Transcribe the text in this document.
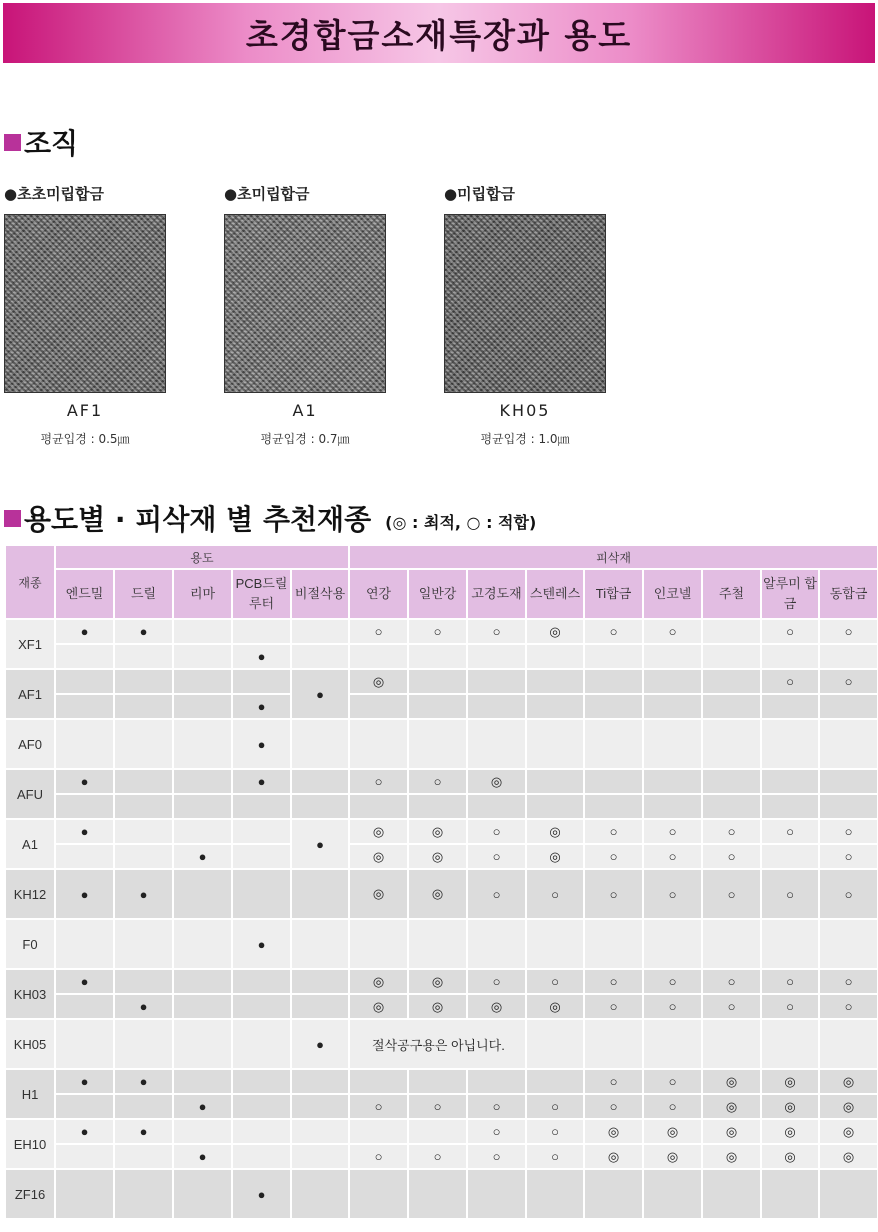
초경합금소재특장과 용도
조직
●초초미립합금
AF1
평균입경 : 0.5㎛
●초미립합금
A1
평균입경 : 0.7㎛
●미립합금
KH05
평균입경 : 1.0㎛
용도별 · 피삭재 별 추천재종 (◎ : 최적, ○ : 적합)
재종	용도					피삭재								
	엔드밀	드릴	리마	PCB드릴 루터	비절삭용	연강	일반강	고경도재	스텐레스	Ti합금	인코넬	주철	알루미 합금	동합금
XF1	●	●				○	○	○	◎	○	○		○	○
				●										
AF1					●	◎							○	○
				●										
AF0				●										
AFU	●			●		○	○	◎						

A1	●				●	◎	◎	○	◎	○	○	○	○	○
			●			◎	◎	○	◎	○	○	○		○
KH12	●	●				◎	◎	○	○	○	○	○	○	○
F0				●										
KH03	●					◎	◎	○	○	○	○	○	○	○
		●				◎	◎	◎	◎	○	○	○	○	○
KH05					●	절삭공구용은 아닙니다.								
H1	●	●								○	○	◎	◎	◎
			●			○	○	○	○	○	○	◎	◎	◎
EH10	●	●						○	○	◎	◎	◎	◎	◎
			●			○	○	○	○	◎	◎	◎	◎	◎
ZF16				●										
